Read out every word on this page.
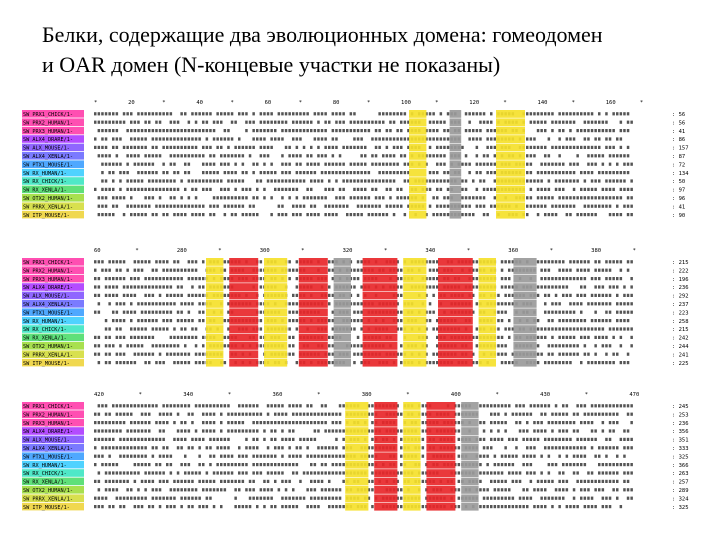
Белки, содержащие два эволюционных домена: гомеодомен
и OAR домен (N-концевые участки не показаны)
*	20	*	40	*	60	*	80	*	100	*	120	*	140	*	160	*
SW PRX1_CHICK/1-	: 56
SW PRX2_HUMAN/1-	: 56
SW PRX3_HUMAN/1-	: 41
SW ALX4_DRARE/1-	: 86
SW ALX_MOUSE/1-	: 157
SW ALX4_XENLA/1-	: 87
SW PTX1_MOUSE/1-	: 72
SW RX_HUMAN/1-	: 134
SW RX_CHICK/1-	: 50
SW RX_XENLA/1-	: 97
SW OTX2_HUMAN/1-	: 96
SW PRRX_XENLA/1-	: 41
SW ITP_MOUSE/1-	: 90
60	*	280	*	300	*	320	*	340	*	360	*	380	*
SW PRX1_CHICK/1-	: 215
SW PRX2_HUMAN/1-	: 222
SW PRX3_HUMAN/1-	: 196
SW ALX4_DRARE/1-	: 236
SW ALX_MOUSE/1-	: 292
SW ALX4_XENLA/1-	: 237
SW PTX1_MOUSE/1-	: 223
SW RX_HUMAN/1-	: 258
SW RX_CHICK/1-	: 215
SW RX_XENLA/1-	: 242
SW OTX2_HUMAN/1-	: 244
SW PRRX_XENLA/1-	: 241
SW ITP_MOUSE/1-	: 225
420	*	340	*	360	*	380	*	400	*	430	*	470
SW PRX1_CHICK/1-	: 245
SW PRX2_HUMAN/1-	: 253
SW PRX3_HUMAN/1-	: 236
SW ALX4_DRARE/1-	: 356
SW ALX_MOUSE/1-	: 351
SW ALX4_XENLA/1-	: 333
SW PTX1_MOUSE/1-	: 325
SW RX_HUMAN/1-	: 366
SW RX_CHICK/1-	: 263
SW RX_XENLA/1-	: 257
SW OTX2_HUMAN/1-	: 289
SW PRRX_XENLA/1-	: 324
SW ITP_MOUSE/1-	: 325
